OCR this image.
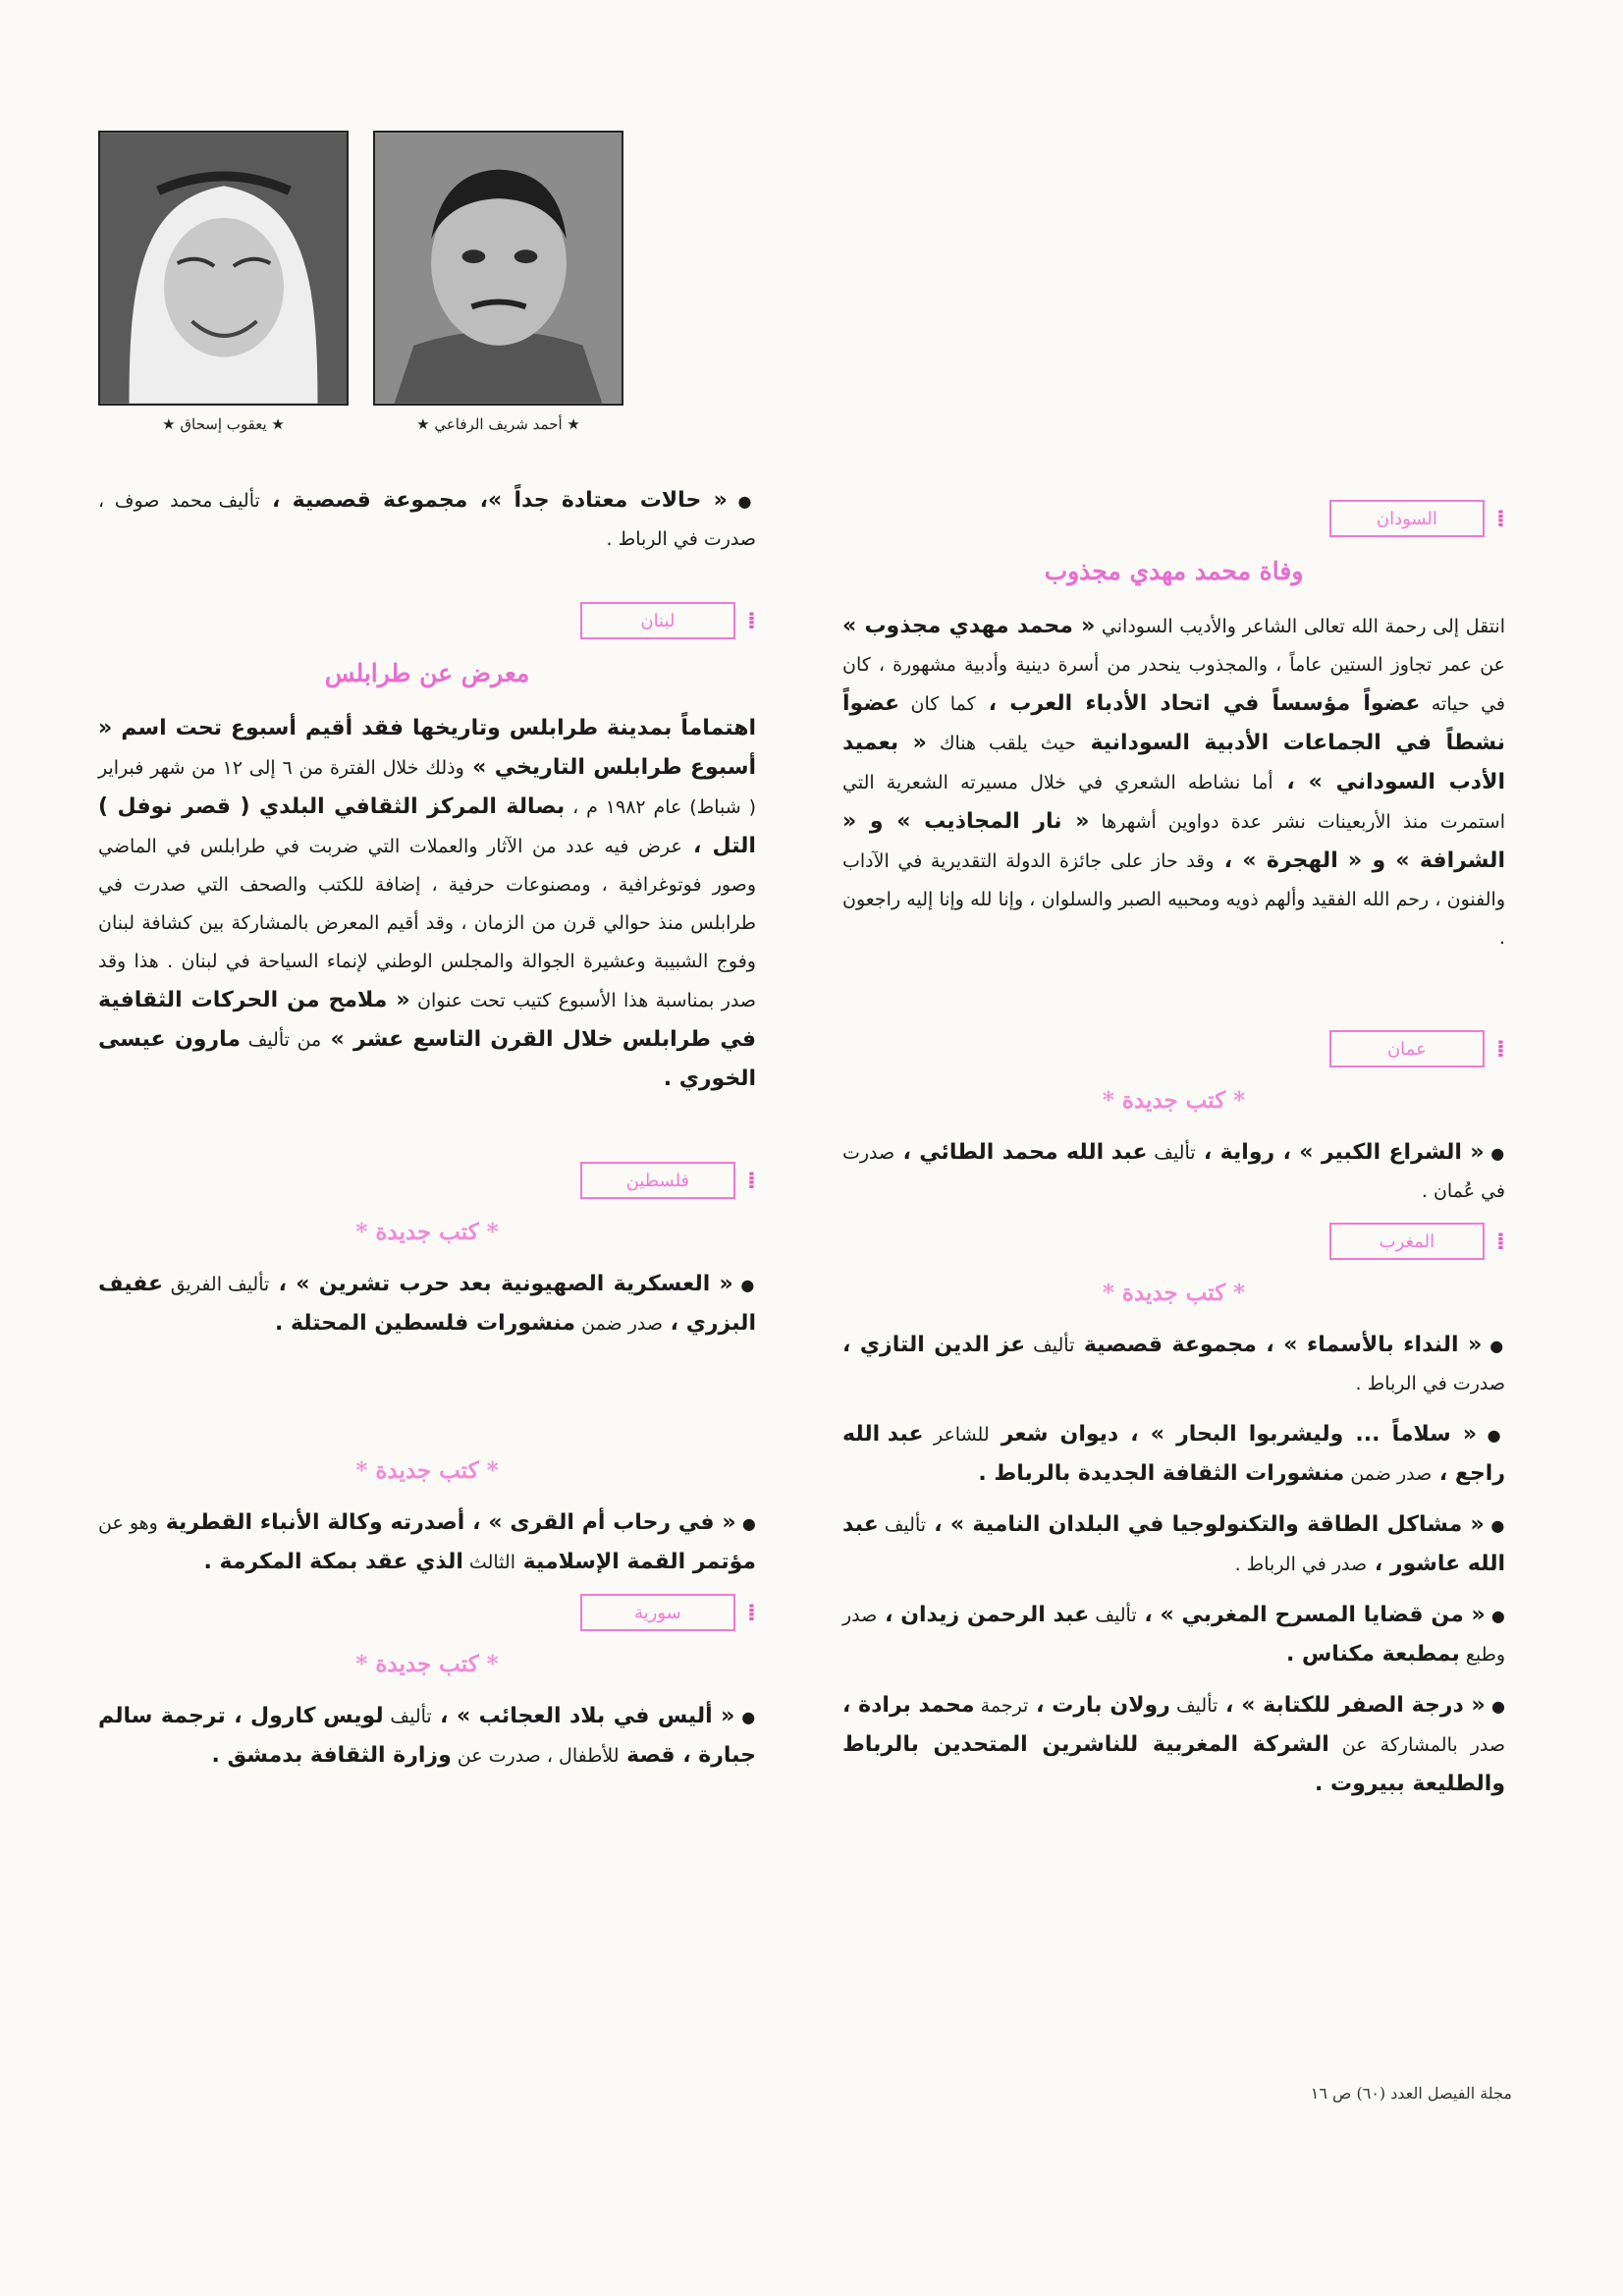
★ يعقوب إسحاق ★	★ أحمد شريف الرفاعي ★
● « حالات معتادة جداً »، مجموعة قصصية ، تأليف محمد صوف ، صدرت في الرباط .
⁞
لبنان
معرض عن طرابلس

اهتماماً بمدينة طرابلس وتاريخها فقد أقيم أسبوع تحت اسم « أسبوع طرابلس التاريخي » وذلك خلال الفترة من ٦ إلى ١٢ من شهر فبراير ( شباط) عام ١٩٨٢ م ، بصالة المركز الثقافي البلدي ( قصر نوفل ) التل ، عرض فيه عدد من الآثار والعملات التي ضربت في طرابلس في الماضي وصور فوتوغرافية ، ومصنوعات حرفية ، إضافة للكتب والصحف التي صدرت في طرابلس منذ حوالي قرن من الزمان ، وقد أقيم المعرض بالمشاركة بين كشافة لبنان وفوج الشبيبة وعشيرة الجوالة والمجلس الوطني لإنماء السياحة في لبنان . هذا وقد صدر بمناسبة هذا الأسبوع كتيب تحت عنوان « ملامح من الحركات الثقافية في طرابلس خلال القرن التاسع عشر » من تأليف مارون عيسى الخوري .

⁞
فلسطين
* كتب جديدة *
● « العسكرية الصهيونية بعد حرب تشرين » ، تأليف الفريق عفيف البزري ، صدر ضمن منشورات فلسطين المحتلة .
* كتب جديدة *
● « في رحاب أم القرى » ، أصدرته وكالة الأنباء القطرية وهو عن مؤتمر القمة الإسلامية الثالث الذي عقد بمكة المكرمة .
⁞
سورية
* كتب جديدة *
● « أليس في بلاد العجائب » ، تأليف لويس كارول ، ترجمة سالم جبارة ، قصة للأطفال ، صدرت عن وزارة الثقافة بدمشق .
⁞
السودان
وفاة محمد مهدي مجذوب

انتقل إلى رحمة الله تعالى الشاعر والأديب السوداني « محمد مهدي مجذوب » عن عمر تجاوز الستين عاماً ، والمجذوب ينحدر من أسرة دينية وأدبية مشهورة ، كان في حياته عضواً مؤسساً في اتحاد الأدباء العرب ، كما كان عضواً نشطاً في الجماعات الأدبية السودانية حيث يلقب هناك « بعميد الأدب السوداني » ، أما نشاطه الشعري في خلال مسيرته الشعرية التي استمرت منذ الأربعينات نشر عدة دواوين أشهرها « نار المجاذيب » و « الشرافة » و « الهجرة » ، وقد حاز على جائزة الدولة التقديرية في الآداب والفنون ، رحم الله الفقيد وألهم ذويه ومحبيه الصبر والسلوان ، وإنا لله وإنا إليه راجعون .

⁞
عمان
* كتب جديدة *
● « الشراع الكبير » ، رواية ، تأليف عبد الله محمد الطائي ، صدرت في عُمان .
⁞
المغرب
* كتب جديدة *
● « النداء بالأسماء » ، مجموعة قصصية تأليف عز الدين التازي ، صدرت في الرباط .
● « سلاماً ... وليشربوا البحار » ، ديوان شعر للشاعر عبد الله راجع ، صدر ضمن منشورات الثقافة الجديدة بالرباط .
● « مشاكل الطاقة والتكنولوجيا في البلدان النامية » ، تأليف عبد الله عاشور ، صدر في الرباط .
● « من قضايا المسرح المغربي » ، تأليف عبد الرحمن زيدان ، صدر وطبع بمطبعة مكناس .
● « درجة الصفر للكتابة » ، تأليف رولان بارت ، ترجمة محمد برادة ، صدر بالمشاركة عن الشركة المغربية للناشرين المتحدين بالرباط والطليعة ببيروت .
مجلة الفيصل العدد (٦٠) ص ١٦
